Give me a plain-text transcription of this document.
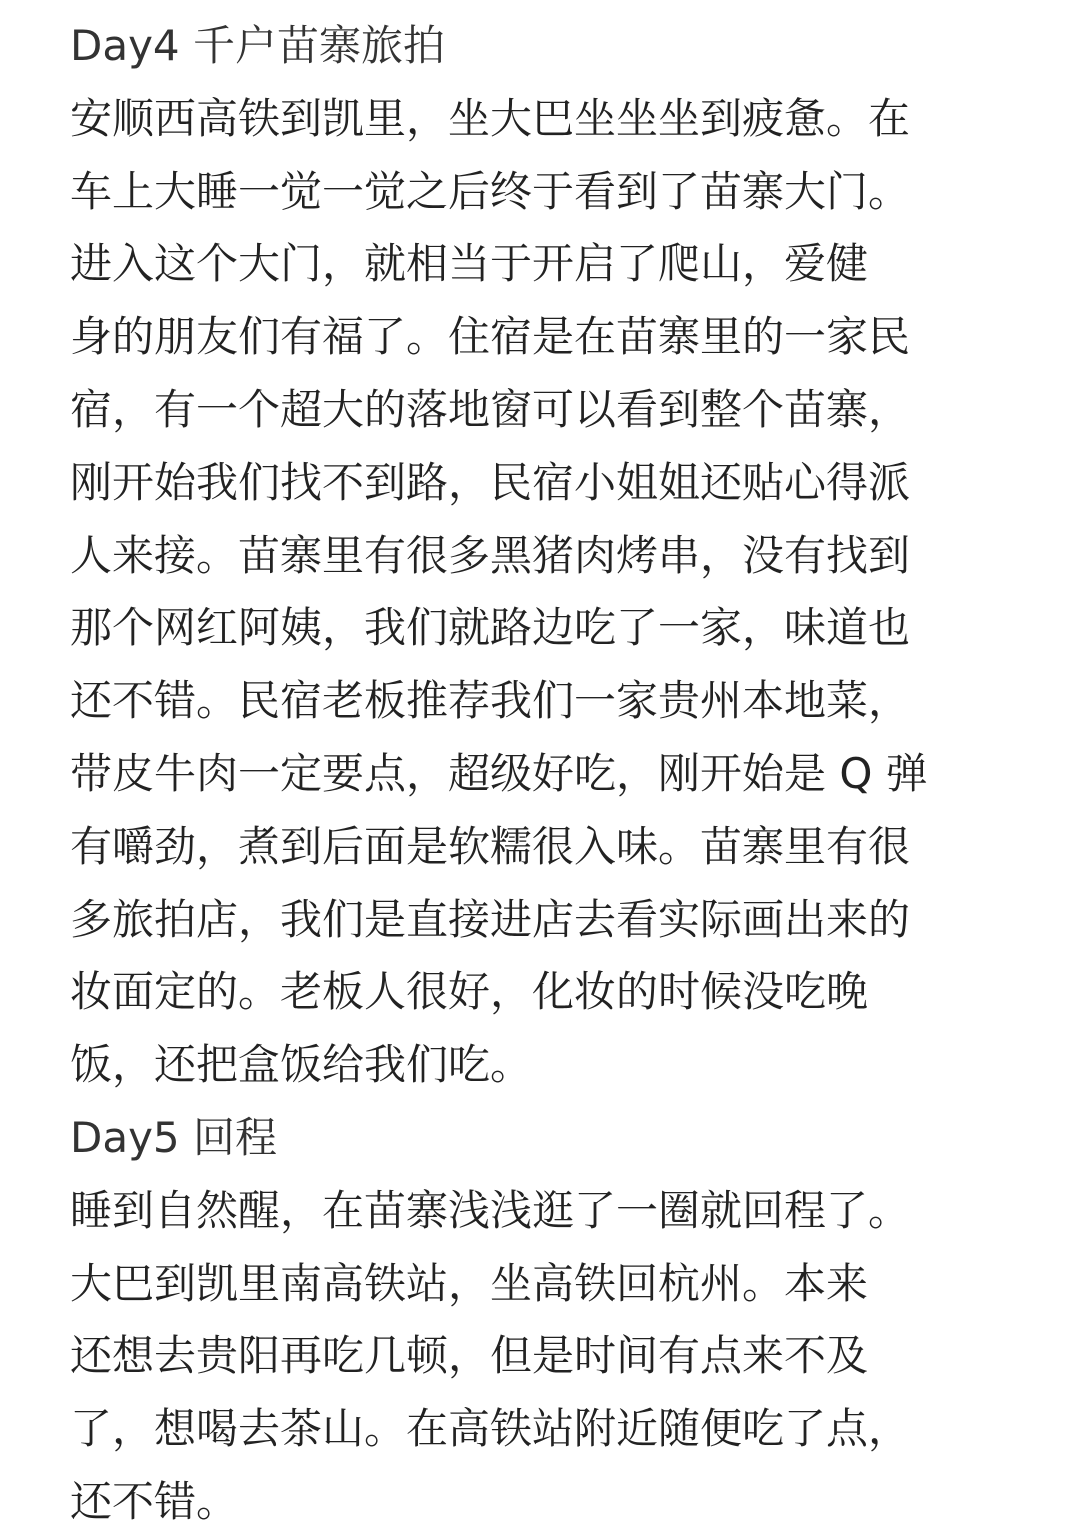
Day4 千户苗寨旅拍
安顺西高铁到凯里，坐大巴坐坐坐到疲惫。在
车上大睡一觉一觉之后终于看到了苗寨大门。
进入这个大门，就相当于开启了爬山，爱健
身的朋友们有福了。住宿是在苗寨里的一家民
宿，有一个超大的落地窗可以看到整个苗寨，
刚开始我们找不到路，民宿小姐姐还贴心得派
人来接。苗寨里有很多黑猪肉烤串，没有找到
那个网红阿姨，我们就路边吃了一家，味道也
还不错。民宿老板推荐我们一家贵州本地菜，
带皮牛肉一定要点，超级好吃，刚开始是 Q 弹
有嚼劲，煮到后面是软糯很入味。苗寨里有很
多旅拍店，我们是直接进店去看实际画出来的
妆面定的。老板人很好，化妆的时候没吃晚
饭，还把盒饭给我们吃。
Day5 回程
睡到自然醒，在苗寨浅浅逛了一圈就回程了。
大巴到凯里南高铁站，坐高铁回杭州。本来
还想去贵阳再吃几顿，但是时间有点来不及
了，想喝去茶山。在高铁站附近随便吃了点，
还不错。
